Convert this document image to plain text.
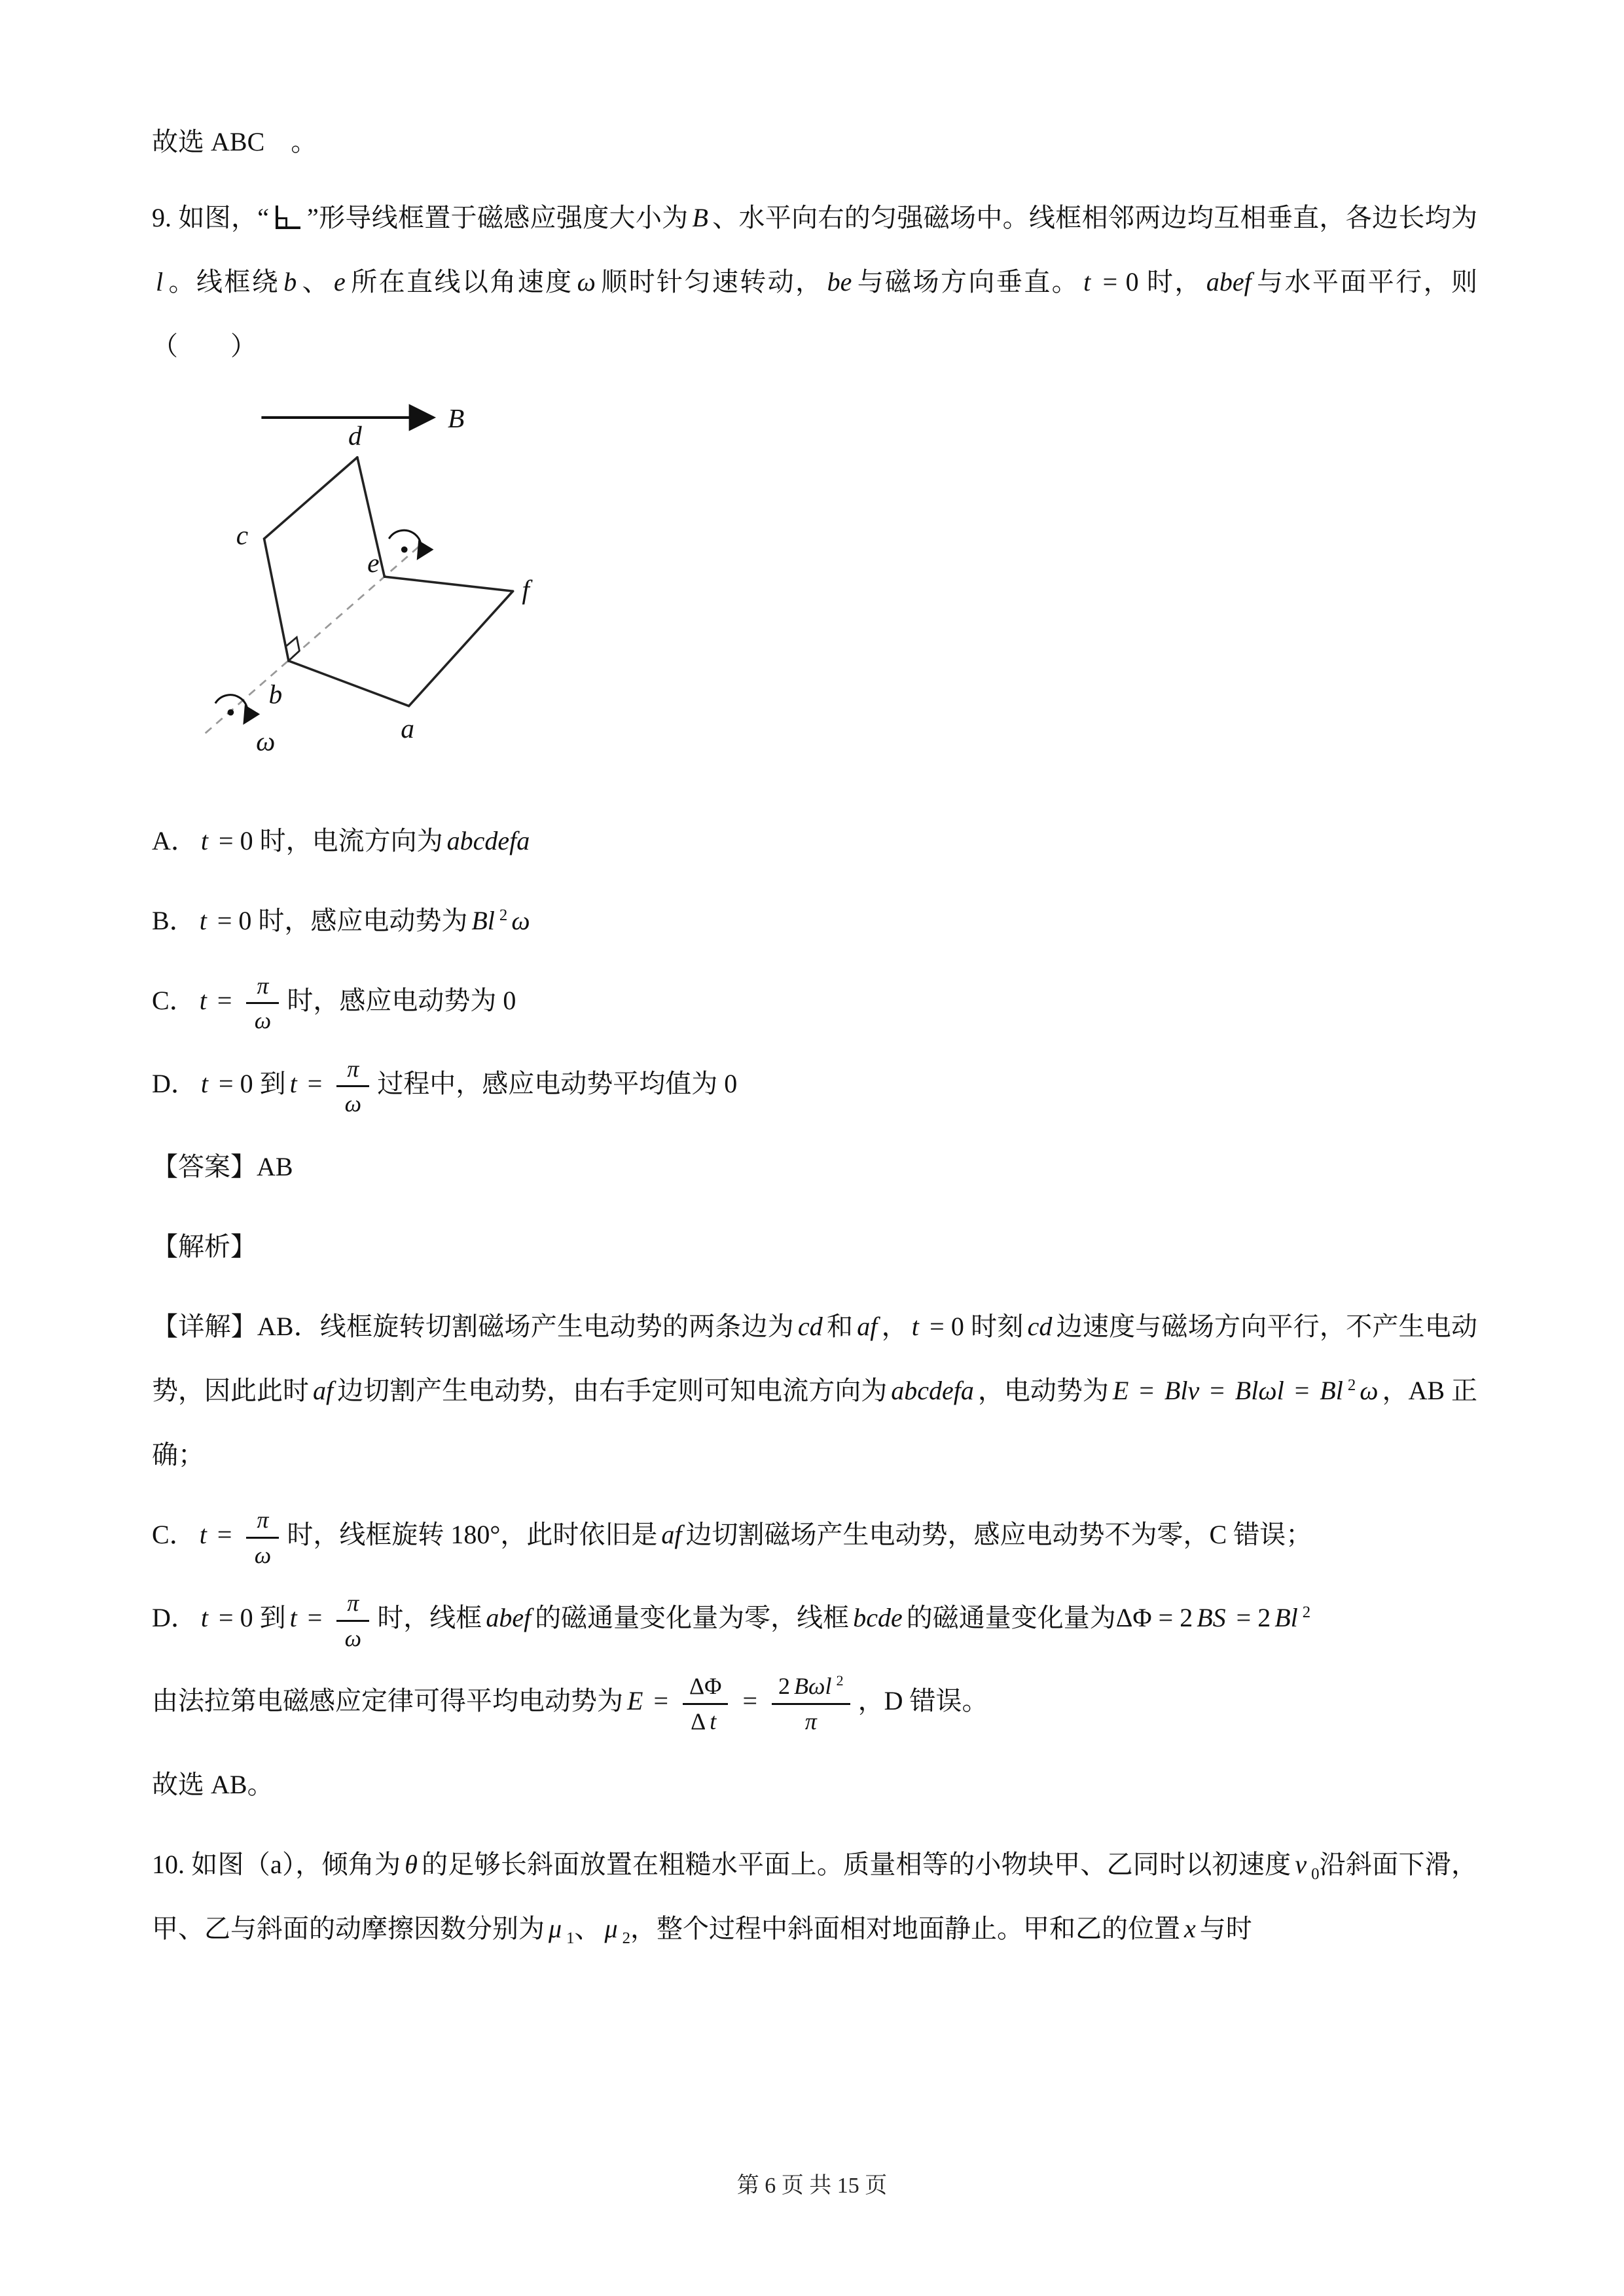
故选 ABC　。

9. 如图，“ ”形导线框置于磁感应强度大小为 B 、水平向右的匀强磁场中。线框相邻两边均互相垂直，各边长均为l 。线框绕 b 、 e 所在直线以角速度 ω 顺时针匀速转动， be 与磁场方向垂直。 t = 0 时， abef 与水平面平行，则（　　）

B
d
c
e
f
a
b
ω

A． t = 0 时，电流方向为 abcdefa

B． t = 0 时，感应电动势为 Bl $^2$ ω

C． $t = \frac{\pi}{\omega}$ 时，感应电动势为 0

D． t = 0 到 $t = \frac{\pi}{\omega}$ 过程中，感应电动势平均值为 0

【答案】AB

【解析】

【详解】AB．线框旋转切割磁场产生电动势的两条边为 cd 和 af ， t = 0 时刻 cd 边速度与磁场方向平行，不产生电动势，因此此时 af 边切割产生电动势，由右手定则可知电流方向为 abcdefa ，电动势为 E = Blv = Blωl = Bl $^2$ ω ，AB 正确；

C． $t = \frac{\pi}{\omega}$ 时，线框旋转 180°，此时依旧是 af 边切割磁场产生电动势，感应电动势不为零，C 错误；

D． t = 0 到 $t = \frac{\pi}{\omega}$ 时，线框 abef 的磁通量变化量为零，线框 bcde 的磁通量变化量为ΔΦ = 2 BS = 2 Bl $^2$

由法拉第电磁感应定律可得平均电动势为 $E = \frac{\Delta\Phi}{\text{Δ t}} = \frac{2 B\omega l ^2}{\pi}$ ，D 错误。

故选 AB。

10. 如图（a），倾角为 θ 的足够长斜面放置在粗糙水平面上。质量相等的小物块甲、乙同时以初速度 v $_0$沿斜面下滑，甲、乙与斜面的动摩擦因数分别为 μ $_1$、 μ $_2$，整个过程中斜面相对地面静止。甲和乙的位置 x 与时

第 6 页 共 15 页
